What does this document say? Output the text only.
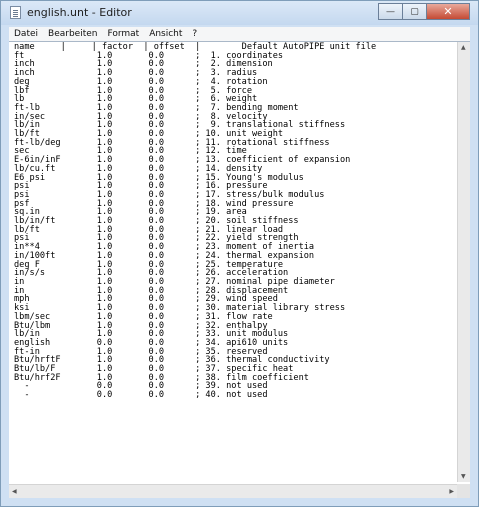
english.unt - Editor	— ▢ ✕
Datei	Bearbeiten	Format	Ansicht	?
name     |     | factor  | offset  |        Default AutoPIPE unit file
ft              1.0       0.0      ;  1. coordinates
inch            1.0       0.0      ;  2. dimension
inch            1.0       0.0      ;  3. radius
deg             1.0       0.0      ;  4. rotation
lbf             1.0       0.0      ;  5. force
lb              1.0       0.0      ;  6. weight
ft-lb           1.0       0.0      ;  7. bending moment
in/sec          1.0       0.0      ;  8. velocity
lb/in           1.0       0.0      ;  9. translational stiffness
lb/ft           1.0       0.0      ; 10. unit weight
ft-lb/deg       1.0       0.0      ; 11. rotational stiffness
sec             1.0       0.0      ; 12. time
E-6in/inF       1.0       0.0      ; 13. coefficient of expansion
lb/cu.ft        1.0       0.0      ; 14. density
E6 psi          1.0       0.0      ; 15. Young's modulus
psi             1.0       0.0      ; 16. pressure
psi             1.0       0.0      ; 17. stress/bulk modulus
psf             1.0       0.0      ; 18. wind pressure
sq.in           1.0       0.0      ; 19. area
lb/in/ft        1.0       0.0      ; 20. soil stiffness
lb/ft           1.0       0.0      ; 21. linear load
psi             1.0       0.0      ; 22. yield strength
in**4           1.0       0.0      ; 23. moment of inertia
in/100ft        1.0       0.0      ; 24. thermal expansion
deg F           1.0       0.0      ; 25. temperature
in/s/s          1.0       0.0      ; 26. acceleration
in              1.0       0.0      ; 27. nominal pipe diameter
in              1.0       0.0      ; 28. displacement
mph             1.0       0.0      ; 29. wind speed
ksi             1.0       0.0      ; 30. material library stress
lbm/sec         1.0       0.0      ; 31. flow rate
Btu/lbm         1.0       0.0      ; 32. enthalpy
lb/in           1.0       0.0      ; 33. unit modulus
english         0.0       0.0      ; 34. api610 units
ft-in           1.0       0.0      ; 35. reserved
Btu/hrftF       1.0       0.0      ; 36. thermal conductivity
Btu/lb/F        1.0       0.0      ; 37. specific heat
Btu/hrf2F       1.0       0.0      ; 38. film coefficient
-             0.0       0.0      ; 39. not used
-             0.0       0.0      ; 40. not used
▲
▼
◀	▶
